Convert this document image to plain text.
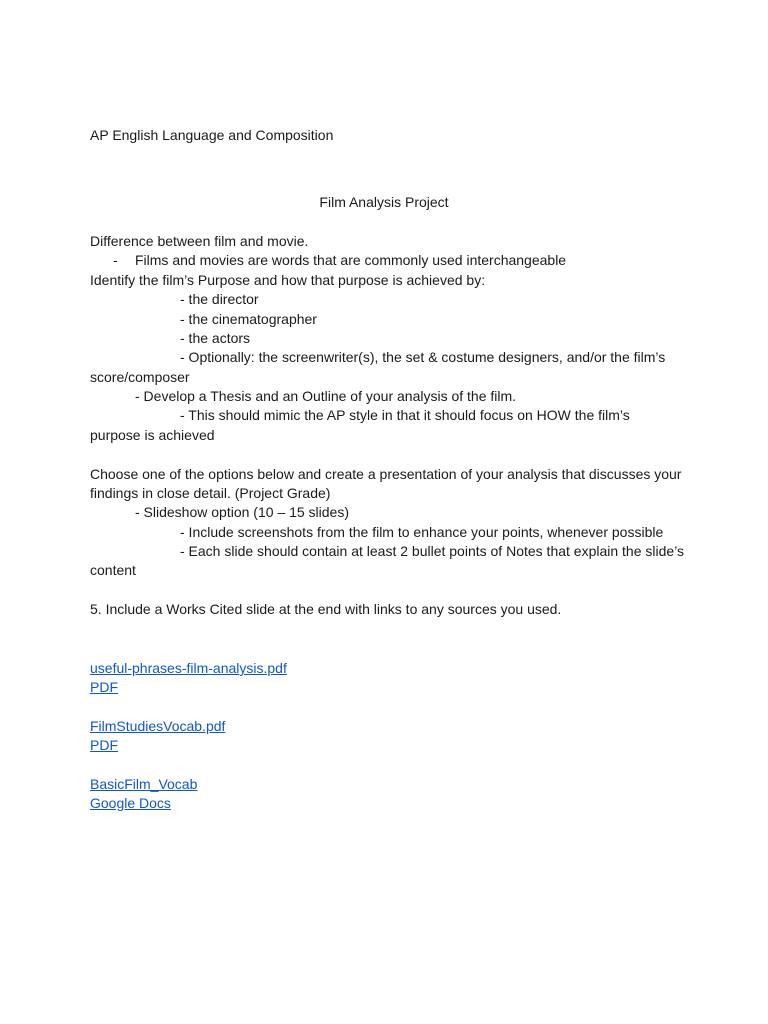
AP English Language and Composition
Film Analysis Project
Difference between film and movie.
- Films and movies are words that are commonly used interchangeable
Identify the film’s Purpose and how that purpose is achieved by:
- the director
- the cinematographer
- the actors
- Optionally: the screenwriter(s), the set & costume designers, and/or the film’s
score/composer
- Develop a Thesis and an Outline of your analysis of the film.
- This should mimic the AP style in that it should focus on HOW the film’s
purpose is achieved
Choose one of the options below and create a presentation of your analysis that discusses your
findings in close detail. (Project Grade)
- Slideshow option (10 – 15 slides)
- Include screenshots from the film to enhance your points, whenever possible
- Each slide should contain at least 2 bullet points of Notes that explain the slide’s
content
5. Include a Works Cited slide at the end with links to any sources you used.
useful-phrases-film-analysis.pdf
PDF
FilmStudiesVocab.pdf
PDF
BasicFilm_Vocab
Google Docs
